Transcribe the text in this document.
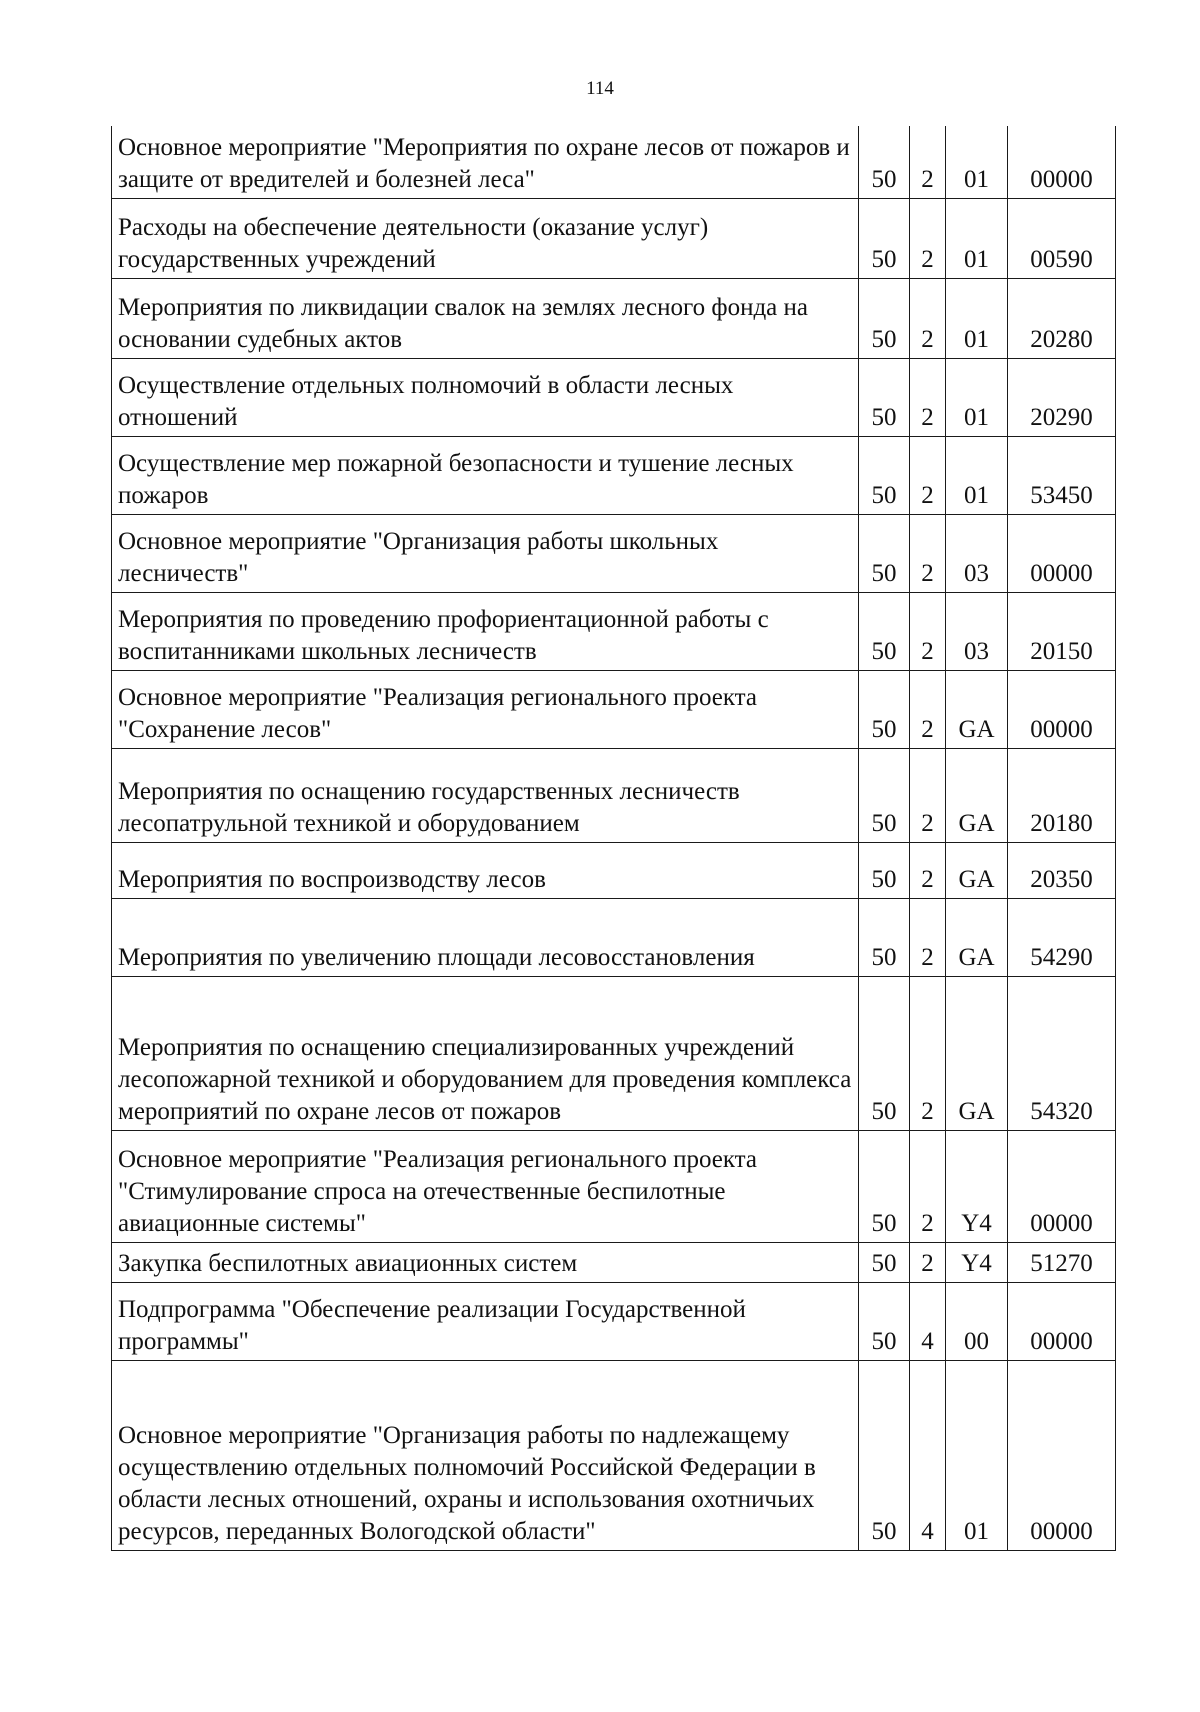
114
Основное мероприятие "Мероприятия по охране лесов от пожаров и защите от вредителей и болезней леса"	50	2	01	00000
Расходы на обеспечение деятельности (оказание услуг) государственных учреждений	50	2	01	00590
Мероприятия по ликвидации свалок на землях лесного фонда на основании судебных актов	50	2	01	20280
Осуществление отдельных полномочий в области лесных отношений	50	2	01	20290
Осуществление мер пожарной безопасности и тушение лесных пожаров	50	2	01	53450
Основное мероприятие "Организация работы школьных лесничеств"	50	2	03	00000
Мероприятия по проведению профориентационной работы с воспитанниками школьных лесничеств	50	2	03	20150
Основное мероприятие "Реализация регионального проекта "Сохранение лесов"	50	2	GA	00000
Мероприятия по оснащению государственных лесничеств лесопатрульной техникой и оборудованием	50	2	GA	20180
Мероприятия по воспроизводству лесов	50	2	GA	20350
Мероприятия по увеличению площади лесовосстановления	50	2	GA	54290
Мероприятия по оснащению специализированных учреждений лесопожарной техникой и оборудованием для проведения комплекса мероприятий по охране лесов от пожаров	50	2	GA	54320
Основное мероприятие "Реализация регионального проекта "Стимулирование спроса на отечественные беспилотные авиационные системы"	50	2	Y4	00000
Закупка беспилотных авиационных систем	50	2	Y4	51270
Подпрограмма "Обеспечение реализации Государственной программы"	50	4	00	00000
Основное мероприятие "Организация работы по надлежащему осуществлению отдельных полномочий Российской Федерации в области лесных отношений, охраны и использования охотничьих ресурсов, переданных Вологодской области"	50	4	01	00000
